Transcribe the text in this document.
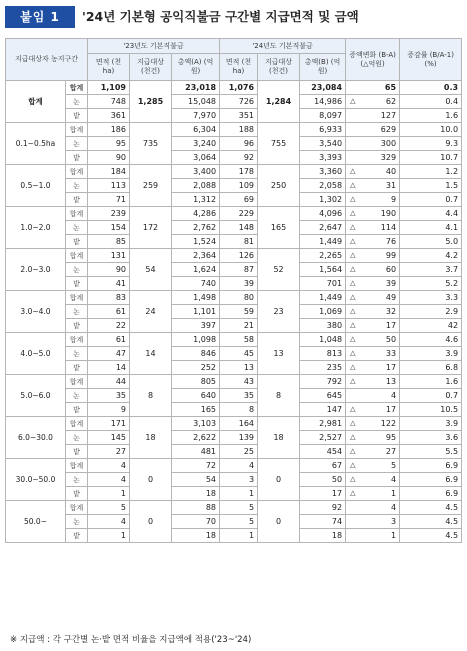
붙임 1	'24년 기본형 공익직불금 구간별 지급면적 및 금액
지급대상자 농지구간		'23년도 기본직불금			'24년도 기본직불금			증액변화 (B-A) (△억원)	증감률 (B/A-1) (%)
		면적 (천ha)	지급대상 (천건)	총액(A) (억원)	면적 (천ha)	지급대상 (천건)	총액(B) (억원)		
합계	합계	1,109	1,285	23,018	1,076	1,284	23,084	65	0.3
	논	748		15,048	726		14,986	△ 62	0.4
	밭	361		7,970	351		8,097	127	1.6
0.1~0.5ha	합계	186	735	6,304	188	755	6,933	629	10.0
	논	95		3,240	96		3,540	300	9.3
	밭	90		3,064	92		3,393	329	10.7
0.5~1.0	합계	184	259	3,400	178	250	3,360	△ 40	1.2
	논	113		2,088	109		2,058	△ 31	1.5
	밭	71		1,312	69		1,302	△ 9	0.7
1.0~2.0	합계	239	172	4,286	229	165	4,096	△ 190	4.4
	논	154		2,762	148		2,647	△ 114	4.1
	밭	85		1,524	81		1,449	△ 76	5.0
2.0~3.0	합계	131	54	2,364	126	52	2,265	△ 99	4.2
	논	90		1,624	87		1,564	△ 60	3.7
	밭	41		740	39		701	△ 39	5.2
3.0~4.0	합계	83	24	1,498	80	23	1,449	△ 49	3.3
	논	61		1,101	59		1,069	△ 32	2.9
	밭	22		397	21		380	△ 17	42
4.0~5.0	합계	61	14	1,098	58	13	1,048	△ 50	4.6
	논	47		846	45		813	△ 33	3.9
	밭	14		252	13		235	△ 17	6.8
5.0~6.0	합계	44	8	805	43	8	792	△ 13	1.6
	논	35		640	35		645	4	0.7
	밭	9		165	8		147	△ 17	10.5
6.0~30.0	합계	171	18	3,103	164	18	2,981	△ 122	3.9
	논	145		2,622	139		2,527	△ 95	3.6
	밭	27		481	25		454	△ 27	5.5
30.0~50.0	합계	4	0	72	4	0	67	△ 5	6.9
	논	4		54	3		50	△ 4	6.9
	밭	1		18	1		17	△ 1	6.9
50.0~	합계	5	0	88	5	0	92	4	4.5
	논	4		70	5		74	3	4.5
	밭	1		18	1		18	1	4.5
※ 지급액 : 각 구간별 논·밭 면적 비율을 지급액에 적용('23~'24)
